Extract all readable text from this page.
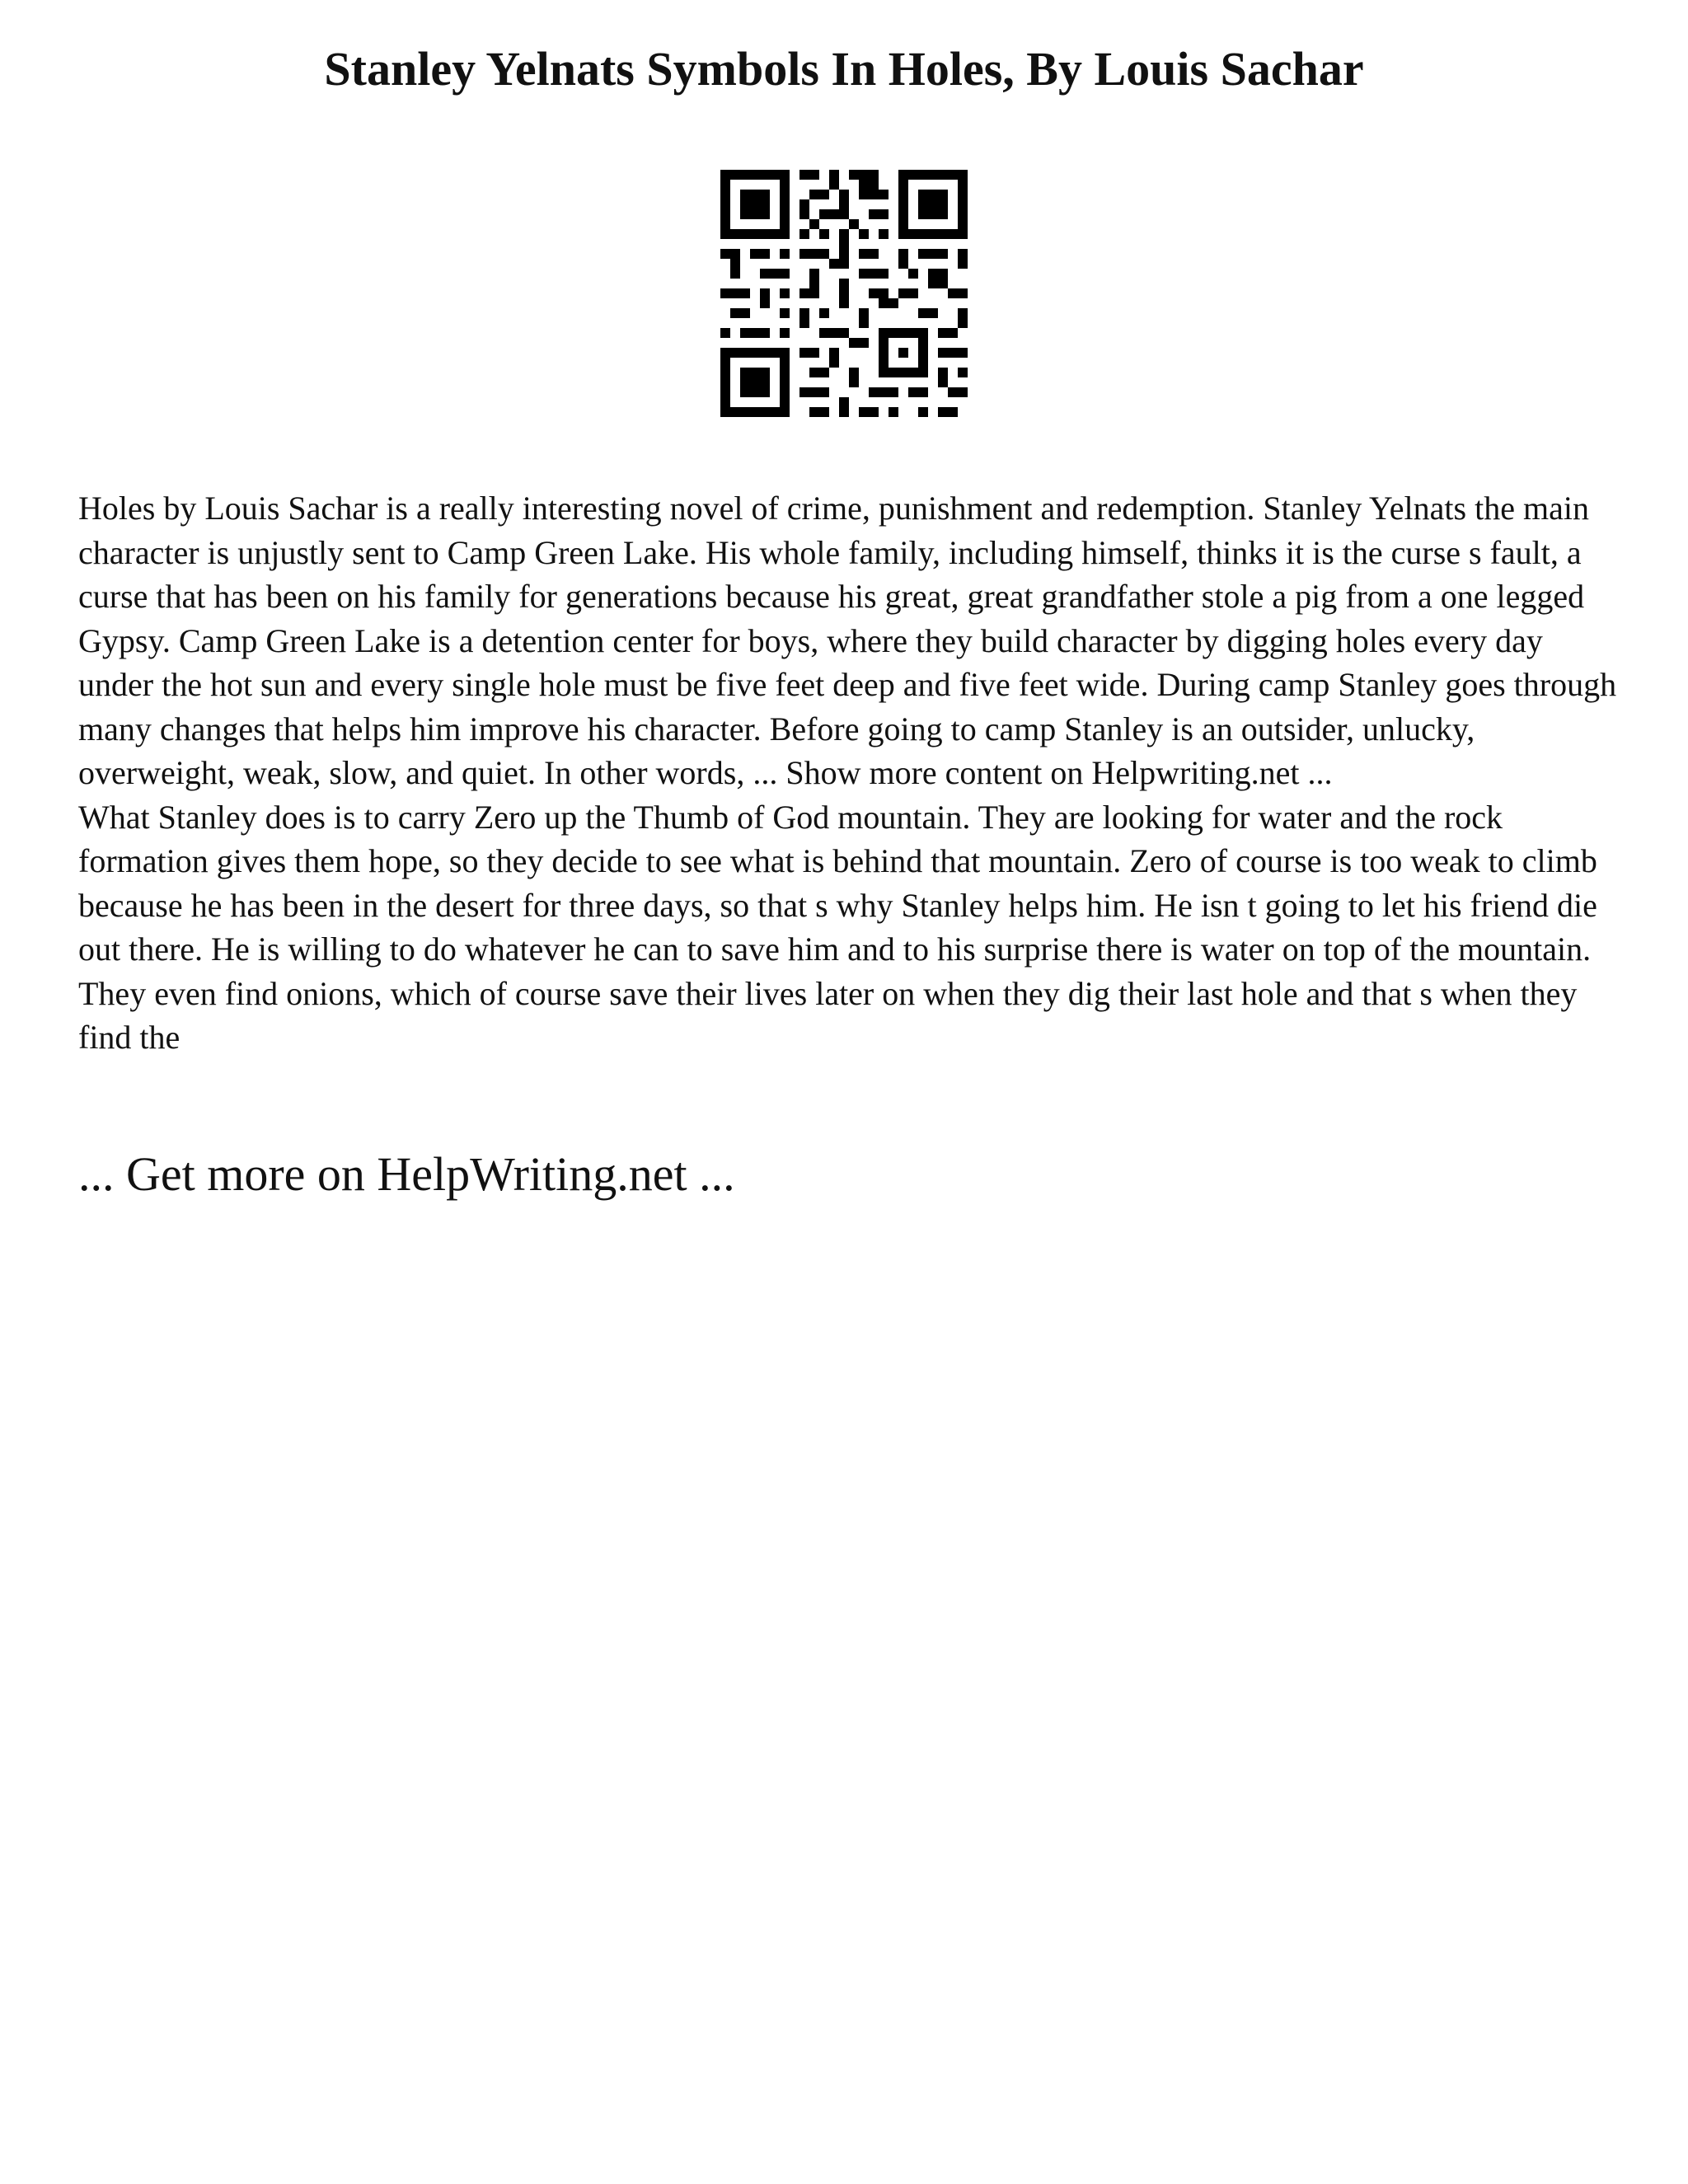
Stanley Yelnats Symbols In Holes, By Louis Sachar

Holes by Louis Sachar is a really interesting novel of crime, punishment and redemption. Stanley Yelnats the main character is unjustly sent to Camp Green Lake. His whole family, including himself, thinks it is the curse s fault, a curse that has been on his family for generations because his great, great grandfather stole a pig from a one legged Gypsy. Camp Green Lake is a detention center for boys, where they build character by digging holes every day under the hot sun and every single hole must be five feet deep and five feet wide. During camp Stanley goes through many changes that helps him improve his character. Before going to camp Stanley is an outsider, unlucky, overweight, weak, slow, and quiet. In other words, ... Show more content on Helpwriting.net ...

What Stanley does is to carry Zero up the Thumb of God mountain. They are looking for water and the rock formation gives them hope, so they decide to see what is behind that mountain. Zero of course is too weak to climb because he has been in the desert for three days, so that s why Stanley helps him. He isn t going to let his friend die out there. He is willing to do whatever he can to save him and to his surprise there is water on top of the mountain. They even find onions, which of course save their lives later on when they dig their last hole and that s when they find the

... Get more on HelpWriting.net ...
